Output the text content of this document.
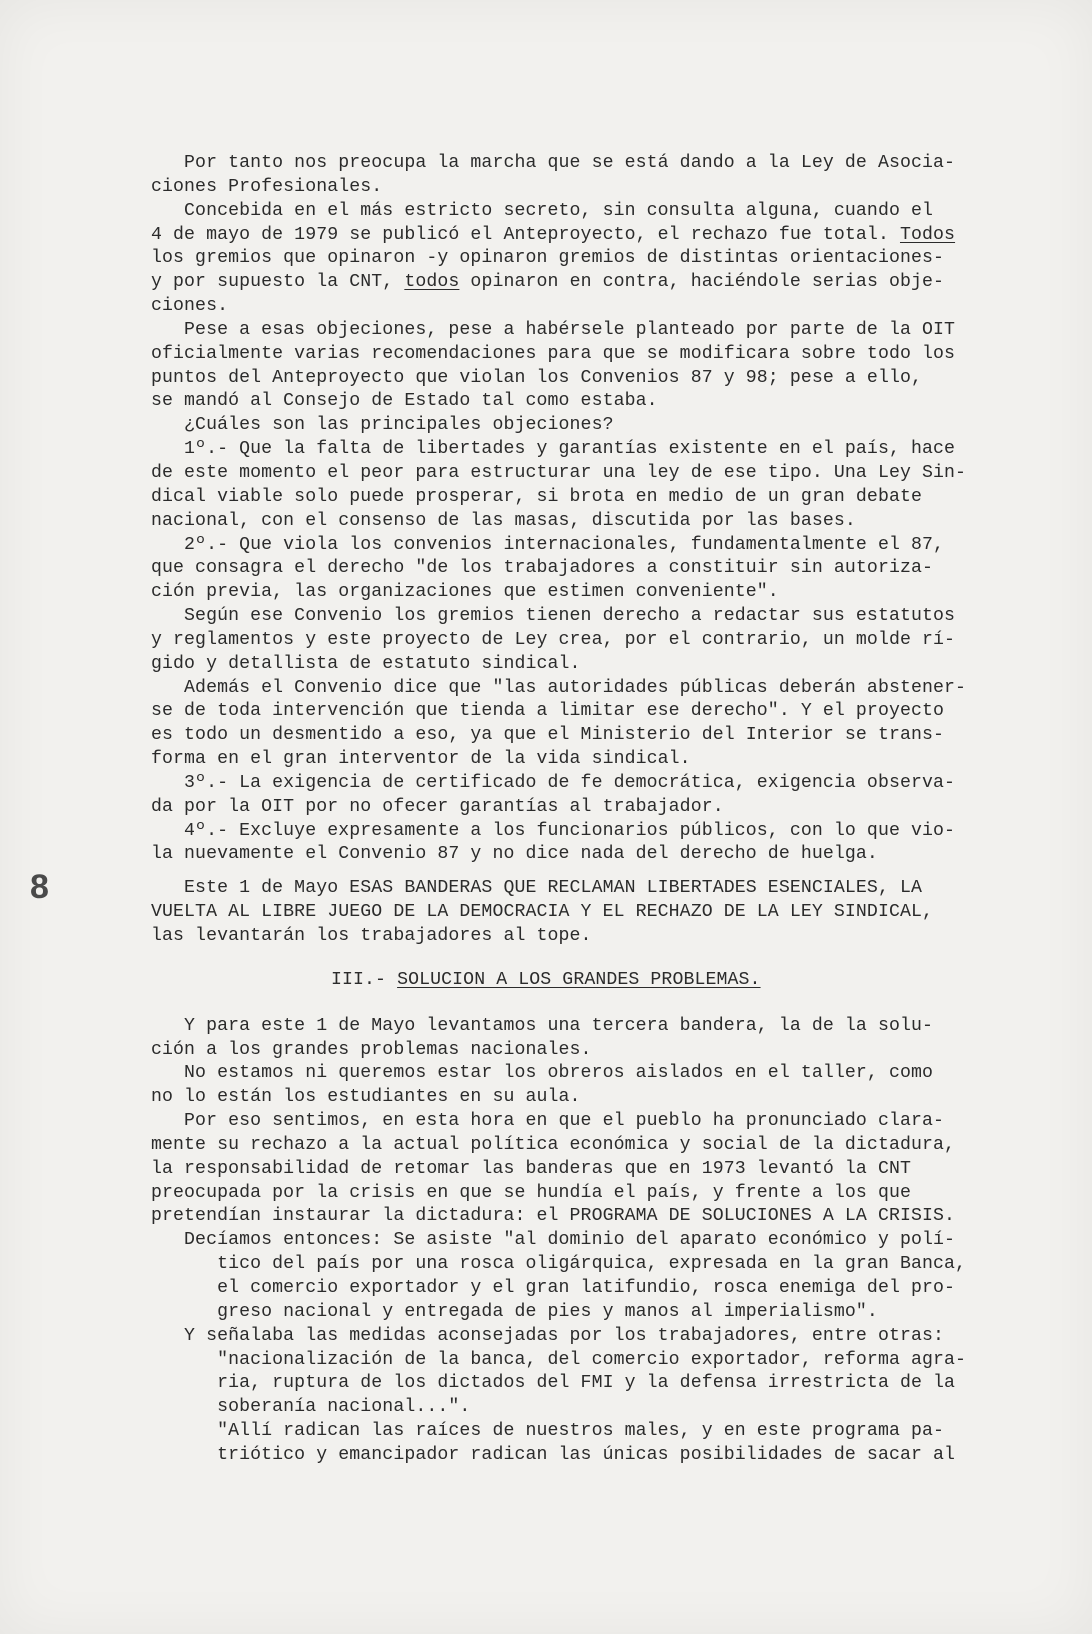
8
Por tanto nos preocupa la marcha que se está dando a la Ley de Asocia-
ciones Profesionales.
Concebida en el más estricto secreto, sin consulta alguna, cuando el
4 de mayo de 1979 se publicó el Anteproyecto, el rechazo fue total. Todos
los gremios que opinaron -y opinaron gremios de distintas orientaciones-
y por supuesto la CNT, todos opinaron en contra, haciéndole serias obje-
ciones.
Pese a esas objeciones, pese a habérsele planteado por parte de la OIT
oficialmente varias recomendaciones para que se modificara sobre todo los
puntos del Anteproyecto que violan los Convenios 87 y 98; pese a ello,
se mandó al Consejo de Estado tal como estaba.
¿Cuáles son las principales objeciones?
1º.- Que la falta de libertades y garantías existente en el país, hace
de este momento el peor para estructurar una ley de ese tipo. Una Ley Sin-
dical viable solo puede prosperar, si brota en medio de un gran debate
nacional, con el consenso de las masas, discutida por las bases.
2º.- Que viola los convenios internacionales, fundamentalmente el 87,
que consagra el derecho "de los trabajadores a constituir sin autoriza-
ción previa, las organizaciones que estimen conveniente".
Según ese Convenio los gremios tienen derecho a redactar sus estatutos
y reglamentos y este proyecto de Ley crea, por el contrario, un molde rí-
gido y detallista de estatuto sindical.
Además el Convenio dice que "las autoridades públicas deberán abstener-
se de toda intervención que tienda a limitar ese derecho". Y el proyecto
es todo un desmentido a eso, ya que el Ministerio del Interior se trans-
forma en el gran interventor de la vida sindical.
3º.- La exigencia de certificado de fe democrática, exigencia observa-
da por la OIT por no ofecer garantías al trabajador.
4º.- Excluye expresamente a los funcionarios públicos, con lo que vio-
la nuevamente el Convenio 87 y no dice nada del derecho de huelga.
Este 1 de Mayo ESAS BANDERAS QUE RECLAMAN LIBERTADES ESENCIALES, LA
VUELTA AL LIBRE JUEGO DE LA DEMOCRACIA Y EL RECHAZO DE LA LEY SINDICAL,
las levantarán los trabajadores al tope.
III.- SOLUCION A LOS GRANDES PROBLEMAS.
Y para este 1 de Mayo levantamos una tercera bandera, la de la solu-
ción a los grandes problemas nacionales.
No estamos ni queremos estar los obreros aislados en el taller, como
no lo están los estudiantes en su aula.
Por eso sentimos, en esta hora en que el pueblo ha pronunciado clara-
mente su rechazo a la actual política económica y social de la dictadura,
la responsabilidad de retomar las banderas que en 1973 levantó la CNT
preocupada por la crisis en que se hundía el país, y frente a los que
pretendían instaurar la dictadura: el PROGRAMA DE SOLUCIONES A LA CRISIS.
Decíamos entonces: Se asiste "al dominio del aparato económico y polí-
tico del país por una rosca oligárquica, expresada en la gran Banca,
el comercio exportador y el gran latifundio, rosca enemiga del pro-
greso nacional y entregada de pies y manos al imperialismo".
Y señalaba las medidas aconsejadas por los trabajadores, entre otras:
"nacionalización de la banca, del comercio exportador, reforma agra-
ria, ruptura de los dictados del FMI y la defensa irrestricta de la
soberanía nacional...".
"Allí radican las raíces de nuestros males, y en este programa pa-
triótico y emancipador radican las únicas posibilidades de sacar al
